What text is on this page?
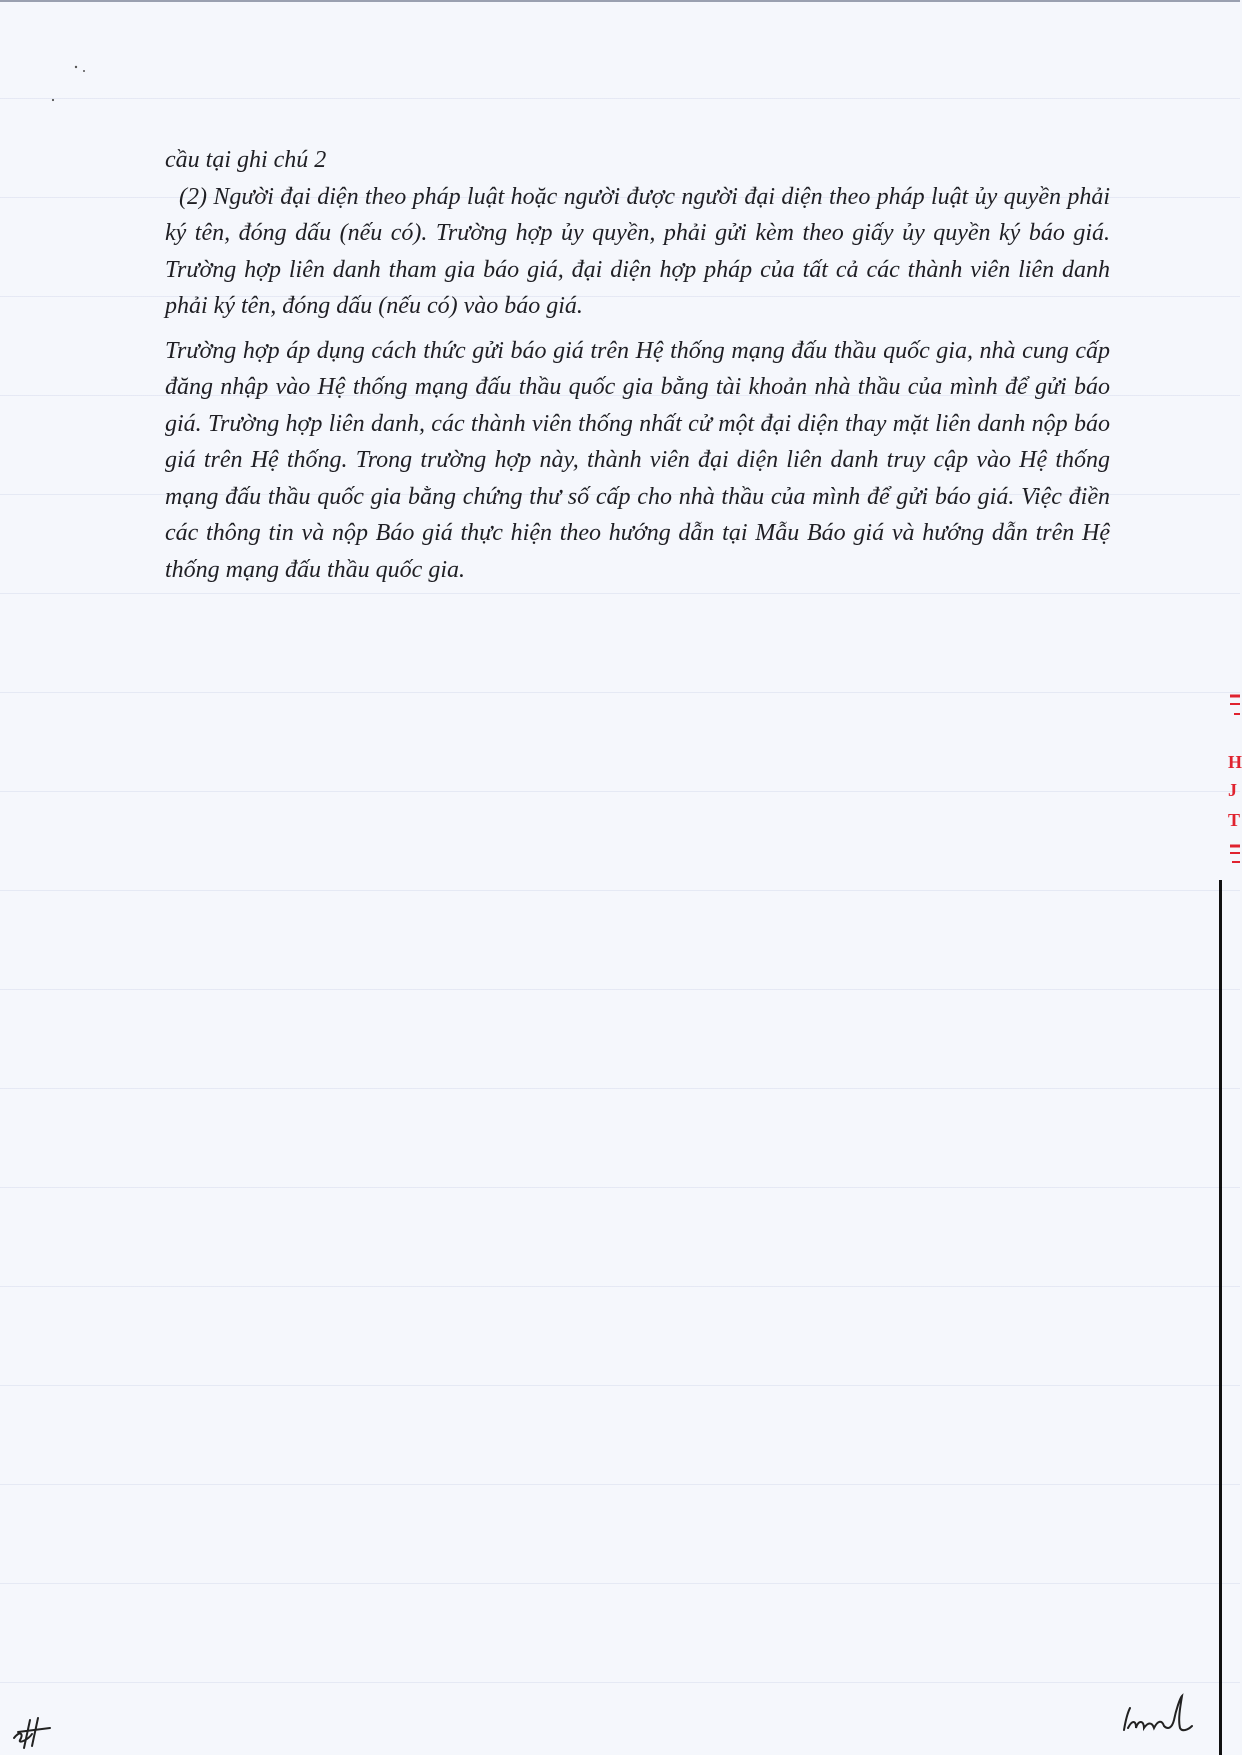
cầu tại ghi chú 2

(2) Người đại diện theo pháp luật hoặc người được người đại diện theo pháp luật ủy quyền phải ký tên, đóng dấu (nếu có). Trường hợp ủy quyền, phải gửi kèm theo giấy ủy quyền ký báo giá. Trường hợp liên danh tham gia báo giá, đại diện hợp pháp của tất cả các thành viên liên danh phải ký tên, đóng dấu (nếu có) vào báo giá.

Trường hợp áp dụng cách thức gửi báo giá trên Hệ thống mạng đấu thầu quốc gia, nhà cung cấp đăng nhập vào Hệ thống mạng đấu thầu quốc gia bằng tài khoản nhà thầu của mình để gửi báo giá. Trường hợp liên danh, các thành viên thống nhất cử một đại diện thay mặt liên danh nộp báo giá trên Hệ thống. Trong trường hợp này, thành viên đại diện liên danh truy cập vào Hệ thống mạng đấu thầu quốc gia bằng chứng thư số cấp cho nhà thầu của mình để gửi báo giá. Việc điền các thông tin và nộp Báo giá thực hiện theo hướng dẫn tại Mẫu Báo giá và hướng dẫn trên Hệ thống mạng đấu thầu quốc gia.

H
J
T
